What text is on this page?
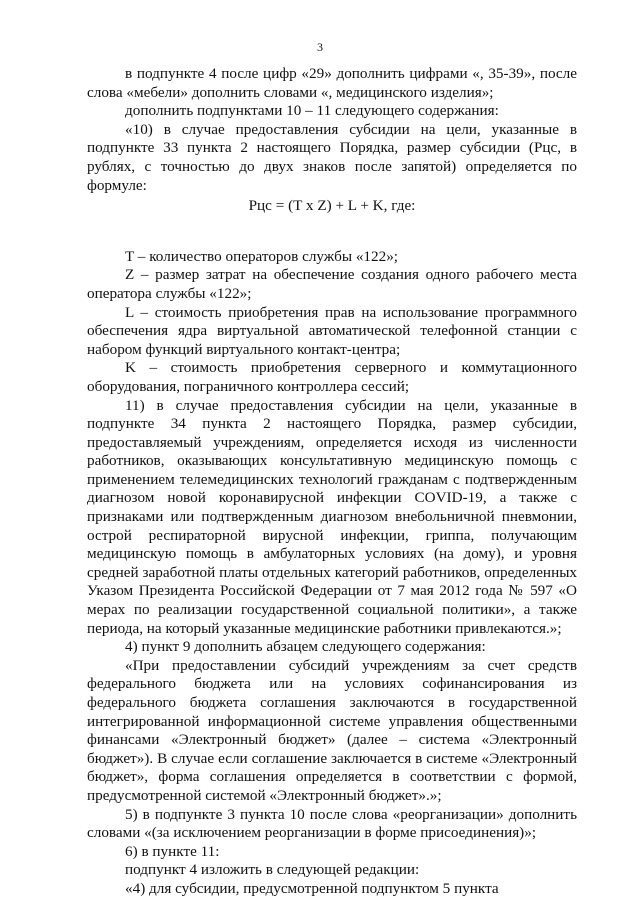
3

в подпункте 4 после цифр «29» дополнить цифрами «, 35-39», после слова «мебели» дополнить словами «, медицинского изделия»;

дополнить подпунктами 10 – 11 следующего содержания:

«10) в случае предоставления субсидии на цели, указанные в подпункте 33 пункта 2 настоящего Порядка, размер субсидии (Рцс, в рублях, с точностью до двух знаков после запятой) определяется по формуле:

Рцс = (T x Z) + L + K, где:

T – количество операторов службы «122»;

Z – размер затрат на обеспечение создания одного рабочего места оператора службы «122»;

L – стоимость приобретения прав на использование программного обеспечения ядра виртуальной автоматической телефонной станции с набором функций виртуального контакт-центра;

K – стоимость приобретения серверного и коммутационного оборудования, пограничного контроллера сессий;

11) в случае предоставления субсидии на цели, указанные в подпункте 34 пункта 2 настоящего Порядка, размер субсидии, предоставляемый учреждениям, определяется исходя из численности работников, оказывающих консультативную медицинскую помощь с применением телемедицинских технологий гражданам с подтвержденным диагнозом новой коронавирусной инфекции COVID-19, а также с признаками или подтвержденным диагнозом внебольничной пневмонии, острой респираторной вирусной инфекции, гриппа, получающим медицинскую помощь в амбулаторных условиях (на дому), и уровня средней заработной платы отдельных категорий работников, определенных Указом Президента Российской Федерации от 7 мая 2012 года № 597 «О мерах по реализации государственной социальной политики», а также периода, на который указанные медицинские работники привлекаются.»;

4) пункт 9 дополнить абзацем следующего содержания:

«При предоставлении субсидий учреждениям за счет средств федерального бюджета или на условиях софинансирования из федерального бюджета соглашения заключаются в государственной интегрированной информационной системе управления общественными финансами «Электронный бюджет» (далее – система «Электронный бюджет»). В случае если соглашение заключается в системе «Электронный бюджет», форма соглашения определяется в соответствии с формой, предусмотренной системой «Электронный бюджет».»;

5) в подпункте 3 пункта 10 после слова «реорганизации» дополнить словами «(за исключением реорганизации в форме присоединения)»;

6) в пункте 11:

подпункт 4 изложить в следующей редакции:

«4) для субсидии, предусмотренной подпунктом 5 пункта
